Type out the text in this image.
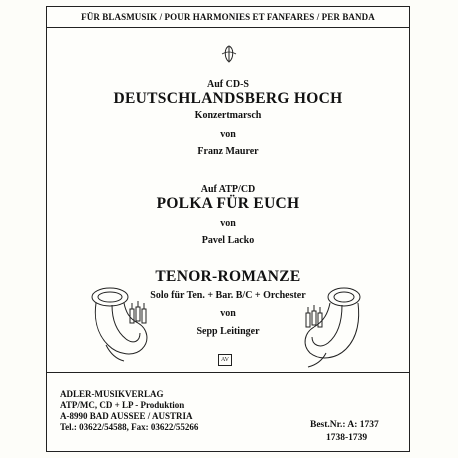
FÜR BLASMUSIK / POUR HARMONIES ET FANFARES / PER BANDA
Auf CD-S
DEUTSCHLANDSBERG HOCH
Konzertmarsch
von
Franz Maurer
Auf ATP/CD
POLKA FÜR EUCH
von
Pavel Lacko
TENOR-ROMANZE
Solo für Ten. + Bar. B/C + Orchester
von
Sepp Leitinger
AV
ADLER-MUSIKVERLAG
ATP/MC, CD + LP - Produktion
A-8990 BAD AUSSEE / AUSTRIA
Tel.: 03622/54588, Fax: 03622/55266	Best.Nr.: A: 1737
1738-1739
